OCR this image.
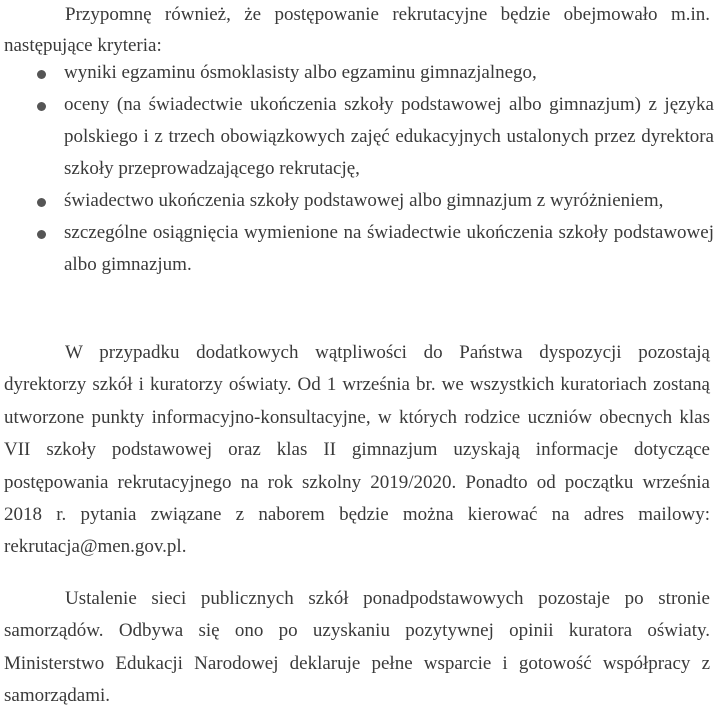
Przypomnę również, że postępowanie rekrutacyjne będzie obejmowało m.in. następujące kryteria:

wyniki egzaminu ósmoklasisty albo egzaminu gimnazjalnego,
oceny (na świadectwie ukończenia szkoły podstawowej albo gimnazjum) z języka polskiego i z trzech obowiązkowych zajęć edukacyjnych ustalonych przez dyrektora szkoły przeprowadzającego rekrutację,
świadectwo ukończenia szkoły podstawowej albo gimnazjum z wyróżnieniem,
szczególne osiągnięcia wymienione na świadectwie ukończenia szkoły podstawowej albo gimnazjum.

W przypadku dodatkowych wątpliwości do Państwa dyspozycji pozostają dyrektorzy szkół i kuratorzy oświaty. Od 1 września br. we wszystkich kuratoriach zostaną utworzone punkty informacyjno-konsultacyjne, w których rodzice uczniów obecnych klas VII szkoły podstawowej oraz klas II gimnazjum uzyskają informacje dotyczące postępowania rekrutacyjnego na rok szkolny 2019/2020. Ponadto od początku września 2018 r. pytania związane z naborem będzie można kierować na adres mailowy: rekrutacja@men.gov.pl.

Ustalenie sieci publicznych szkół ponadpodstawowych pozostaje po stronie samorządów. Odbywa się ono po uzyskaniu pozytywnej opinii kuratora oświaty. Ministerstwo Edukacji Narodowej deklaruje pełne wsparcie i gotowość współpracy z samorządami.
